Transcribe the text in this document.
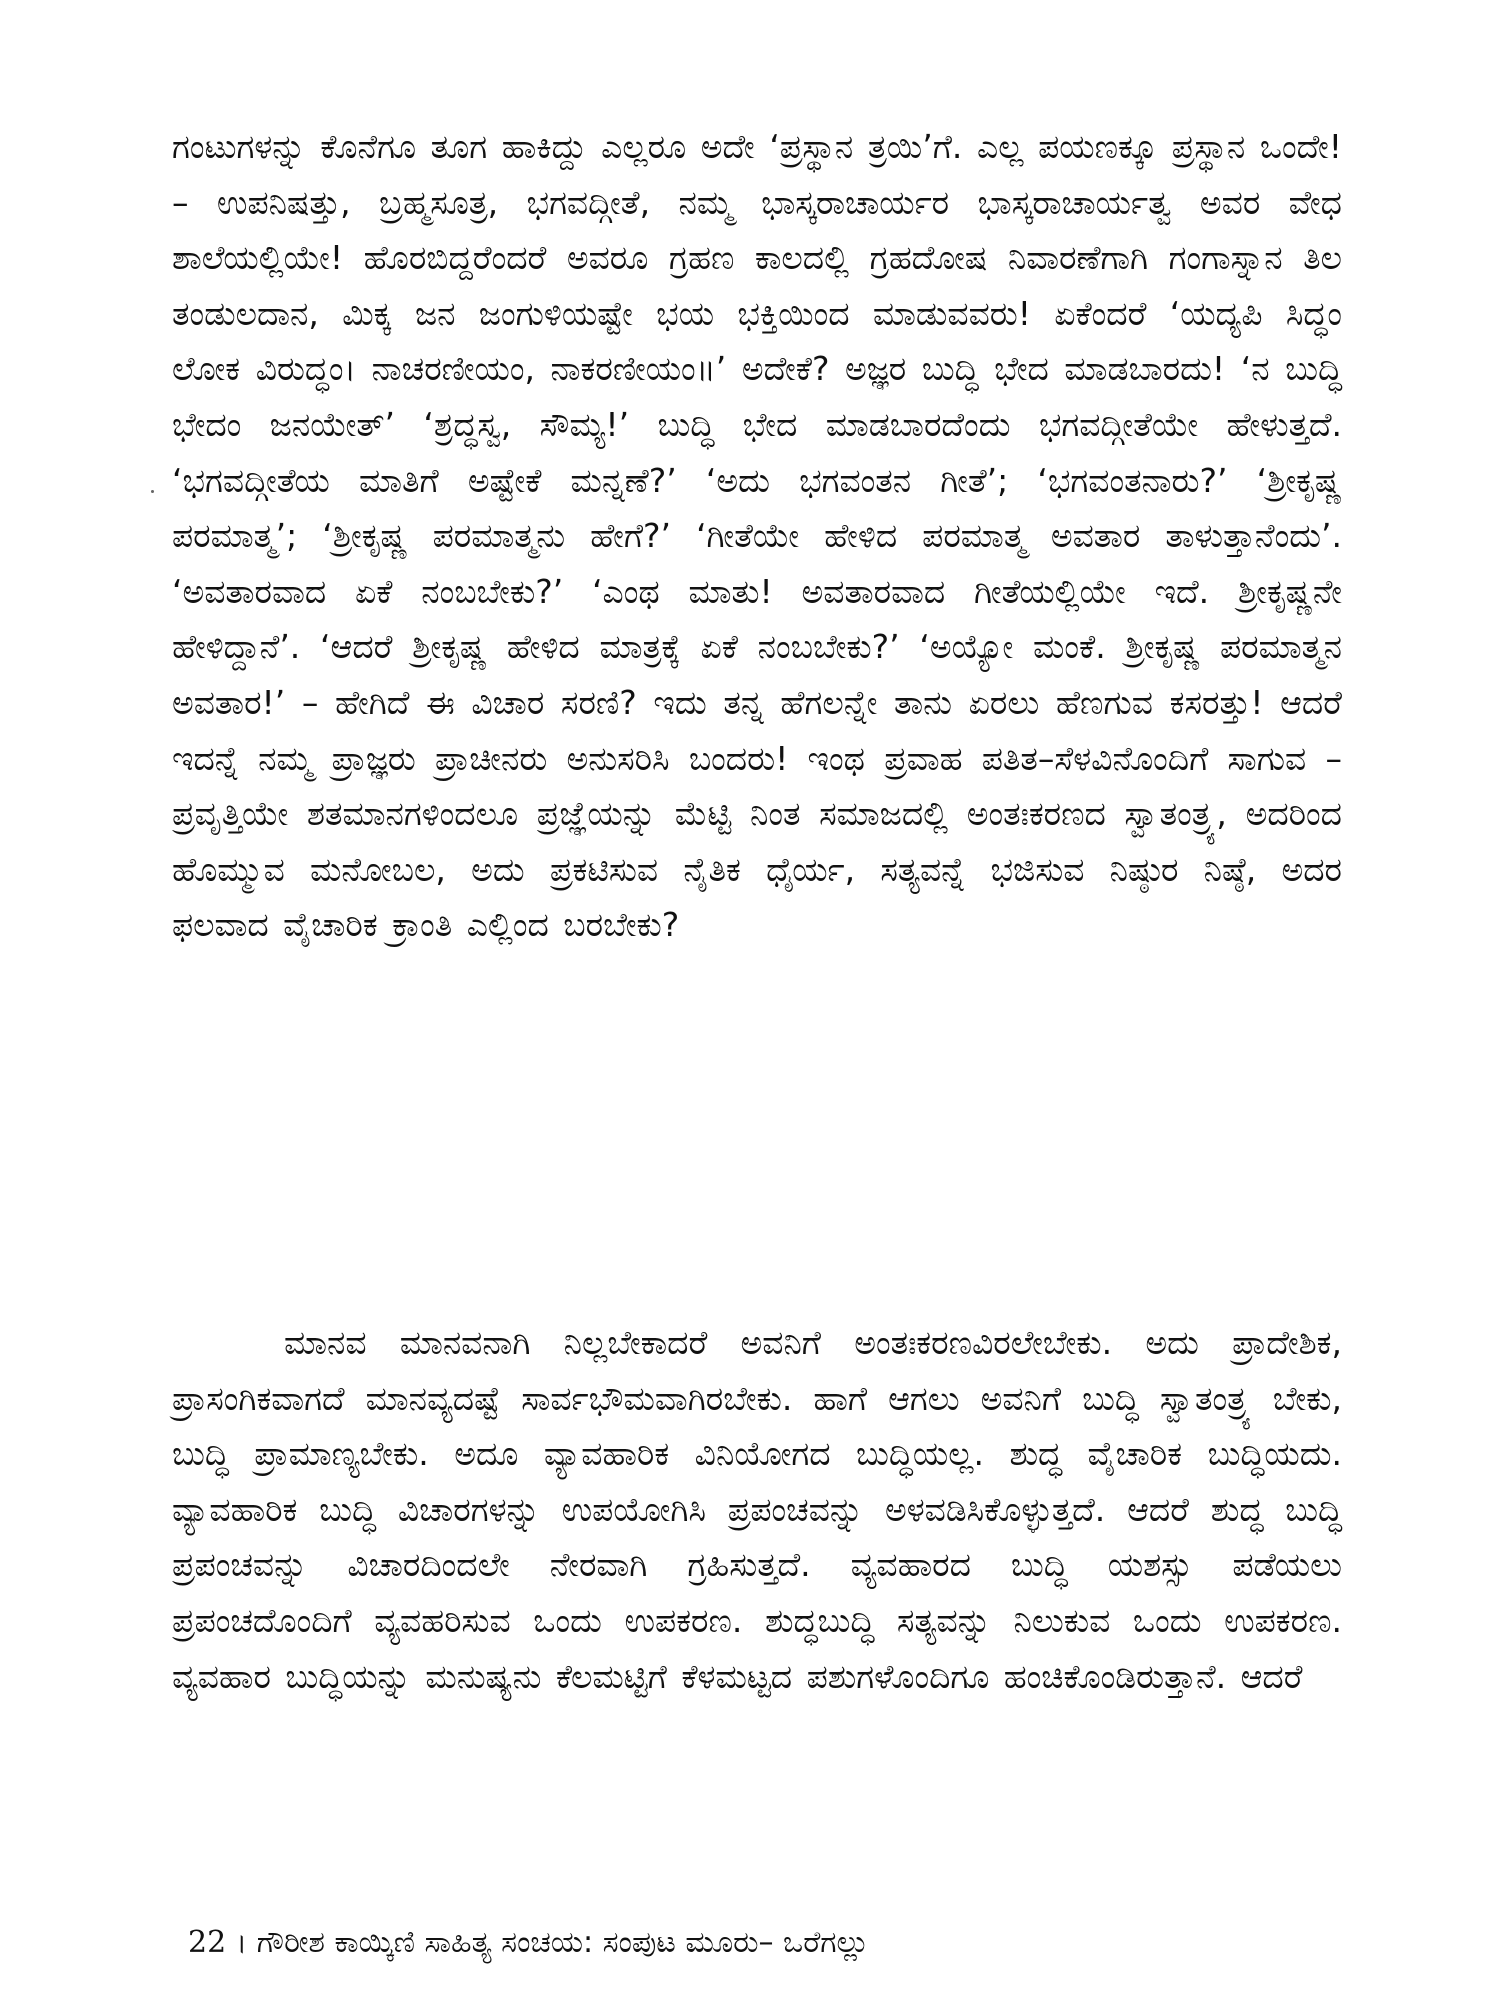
ಗಂಟುಗಳನ್ನು ಕೊನೆಗೂ ತೂಗ ಹಾಕಿದ್ದು ಎಲ್ಲರೂ ಅದೇ ‘ಪ್ರಸ್ಥಾನ ತ್ರಯಿ’ಗೆ. ಎಲ್ಲ ಪಯಣಕ್ಕೂ ಪ್ರಸ್ಥಾನ ಒಂದೇ! – ಉಪನಿಷತ್ತು, ಬ್ರಹ್ಮಸೂತ್ರ, ಭಗವದ್ಗೀತೆ, ನಮ್ಮ ಭಾಸ್ಕರಾಚಾರ್ಯರ ಭಾಸ್ಕರಾಚಾರ್ಯತ್ವ ಅವರ ವೇಧ ಶಾಲೆಯಲ್ಲಿಯೇ! ಹೊರಬಿದ್ದರೆಂದರೆ ಅವರೂ ಗ್ರಹಣ ಕಾಲದಲ್ಲಿ ಗ್ರಹದೋಷ ನಿವಾರಣೆಗಾಗಿ ಗಂಗಾಸ್ನಾನ ತಿಲ ತಂಡುಲದಾನ, ಮಿಕ್ಕ ಜನ ಜಂಗುಳಿಯಷ್ಟೇ ಭಯ ಭಕ್ತಿಯಿಂದ ಮಾಡುವವರು! ಏಕೆಂದರೆ ‘ಯದ್ಯಪಿ ಸಿದ್ಧಂ ಲೋಕ ವಿರುದ್ಧಂ। ನಾಚರಣೀಯಂ, ನಾಕರಣೀಯಂ॥’ ಅದೇಕೆ? ಅಜ್ಞರ ಬುದ್ಧಿ ಭೇದ ಮಾಡಬಾರದು! ‘ನ ಬುದ್ಧಿ ಭೇದಂ ಜನಯೇತ್’ ‘ಶ್ರದ್ಧಸ್ವ, ಸೌಮ್ಯ!’ ಬುದ್ಧಿ ಭೇದ ಮಾಡಬಾರದೆಂದು ಭಗವದ್ಗೀತೆಯೇ ಹೇಳುತ್ತದೆ. ‘ಭಗವದ್ಗೀತೆಯ ಮಾತಿಗೆ ಅಷ್ಟೇಕೆ ಮನ್ನಣೆ?’ ‘ಅದು ಭಗವಂತನ ಗೀತೆ’; ‘ಭಗವಂತನಾರು?’ ‘ಶ್ರೀಕೃಷ್ಣ ಪರಮಾತ್ಮ’; ‘ಶ್ರೀಕೃಷ್ಣ ಪರಮಾತ್ಮನು ಹೇಗೆ?’ ‘ಗೀತೆಯೇ ಹೇಳಿದ ಪರಮಾತ್ಮ ಅವತಾರ ತಾಳುತ್ತಾನೆಂದು’. ‘ಅವತಾರವಾದ ಏಕೆ ನಂಬಬೇಕು?’ ‘ಎಂಥ ಮಾತು! ಅವತಾರವಾದ ಗೀತೆಯಲ್ಲಿಯೇ ಇದೆ. ಶ್ರೀಕೃಷ್ಣನೇ ಹೇಳಿದ್ದಾನೆ’. ‘ಆದರೆ ಶ್ರೀಕೃಷ್ಣ ಹೇಳಿದ ಮಾತ್ರಕ್ಕೆ ಏಕೆ ನಂಬಬೇಕು?’ ‘ಅಯ್ಯೋ ಮಂಕೆ. ಶ್ರೀಕೃಷ್ಣ ಪರಮಾತ್ಮನ ಅವತಾರ!’ – ಹೇಗಿದೆ ಈ ವಿಚಾರ ಸರಣಿ? ಇದು ತನ್ನ ಹೆಗಲನ್ನೇ ತಾನು ಏರಲು ಹೆಣಗುವ ಕಸರತ್ತು! ಆದರೆ ಇದನ್ನೆ ನಮ್ಮ ಪ್ರಾಜ್ಞರು ಪ್ರಾಚೀನರು ಅನುಸರಿಸಿ ಬಂದರು! ಇಂಥ ಪ್ರವಾಹ ಪತಿತ–ಸೆಳವಿನೊಂದಿಗೆ ಸಾಗುವ – ಪ್ರವೃತ್ತಿಯೇ ಶತಮಾನಗಳಿಂದಲೂ ಪ್ರಜ್ಞೆಯನ್ನು ಮೆಟ್ಟಿ ನಿಂತ ಸಮಾಜದಲ್ಲಿ ಅಂತಃಕರಣದ ಸ್ವಾತಂತ್ರ್ಯ, ಅದರಿಂದ ಹೊಮ್ಮುವ ಮನೋಬಲ, ಅದು ಪ್ರಕಟಿಸುವ ನೈತಿಕ ಧೈರ್ಯ, ಸತ್ಯವನ್ನೆ ಭಜಿಸುವ ನಿಷ್ಠುರ ನಿಷ್ಠೆ, ಅದರ ಫಲವಾದ ವೈಚಾರಿಕ ಕ್ರಾಂತಿ ಎಲ್ಲಿಂದ ಬರಬೇಕು?

ಮಾನವ ಮಾನವನಾಗಿ ನಿಲ್ಲಬೇಕಾದರೆ ಅವನಿಗೆ ಅಂತಃಕರಣವಿರಲೇಬೇಕು. ಅದು ಪ್ರಾದೇಶಿಕ, ಪ್ರಾಸಂಗಿಕವಾಗದೆ ಮಾನವ್ಯದಷ್ಟೆ ಸಾರ್ವಭೌಮವಾಗಿರಬೇಕು. ಹಾಗೆ ಆಗಲು ಅವನಿಗೆ ಬುದ್ಧಿ ಸ್ವಾತಂತ್ರ್ಯ ಬೇಕು, ಬುದ್ಧಿ ಪ್ರಾಮಾಣ್ಯಬೇಕು. ಅದೂ ವ್ಯಾವಹಾರಿಕ ವಿನಿಯೋಗದ ಬುದ್ಧಿಯಲ್ಲ. ಶುದ್ಧ ವೈಚಾರಿಕ ಬುದ್ಧಿಯದು. ವ್ಯಾವಹಾರಿಕ ಬುದ್ಧಿ ವಿಚಾರಗಳನ್ನು ಉಪಯೋಗಿಸಿ ಪ್ರಪಂಚವನ್ನು ಅಳವಡಿಸಿಕೊಳ್ಳುತ್ತದೆ. ಆದರೆ ಶುದ್ಧ ಬುದ್ಧಿ ಪ್ರಪಂಚವನ್ನು ವಿಚಾರದಿಂದಲೇ ನೇರವಾಗಿ ಗ್ರಹಿಸುತ್ತದೆ. ವ್ಯವಹಾರದ ಬುದ್ಧಿ ಯಶಸ್ಸು ಪಡೆಯಲು ಪ್ರಪಂಚದೊಂದಿಗೆ ವ್ಯವಹರಿಸುವ ಒಂದು ಉಪಕರಣ. ಶುದ್ಧಬುದ್ಧಿ ಸತ್ಯವನ್ನು ನಿಲುಕುವ ಒಂದು ಉಪಕರಣ. ವ್ಯವಹಾರ ಬುದ್ಧಿಯನ್ನು ಮನುಷ್ಯನು ಕೆಲಮಟ್ಟಿಗೆ ಕೆಳಮಟ್ಟದ ಪಶುಗಳೊಂದಿಗೂ ಹಂಚಿಕೊಂಡಿರುತ್ತಾನೆ. ಆದರೆ

22 । ಗೌರೀಶ ಕಾಯ್ಕಿಣಿ ಸಾಹಿತ್ಯ ಸಂಚಯ: ಸಂಪುಟ ಮೂರು– ಒರೆಗಲ್ಲು
